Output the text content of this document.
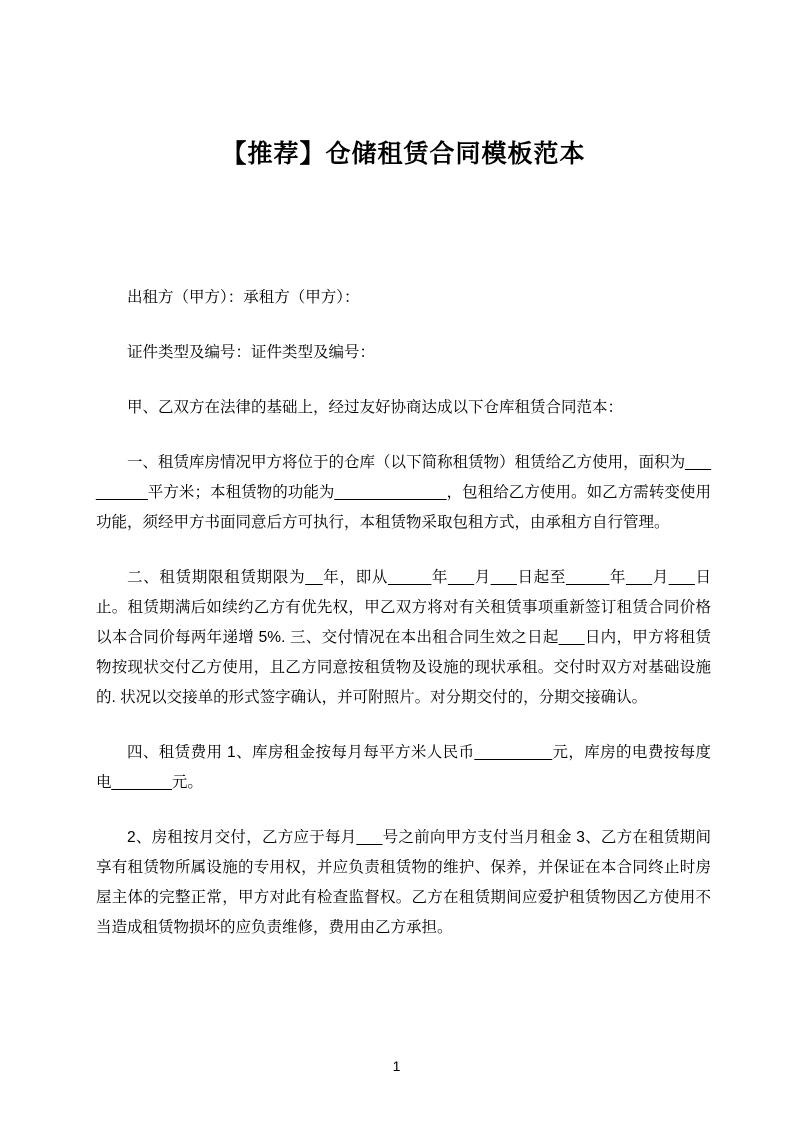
【推荐】仓储租赁合同模板范本

出租方（甲方）：承租方（甲方）：

证件类型及编号：证件类型及编号：

甲、乙双方在法律的基础上，经过友好协商达成以下仓库租赁合同范本：

一、租赁库房情况甲方将位于的仓库（以下简称租赁物）租赁给乙方使用，面积为_________平方米；本租赁物的功能为_____________，包租给乙方使用。如乙方需转变使用功能，须经甲方书面同意后方可执行，本租赁物采取包租方式，由承租方自行管理。

二、租赁期限租赁期限为__年，即从_____年___月___日起至_____年___月___日止。租赁期满后如续约乙方有优先权，甲乙双方将对有关租赁事项重新签订租赁合同价格以本合同价每两年递增 5%. 三、交付情况在本出租合同生效之日起___日内，甲方将租赁物按现状交付乙方使用，且乙方同意按租赁物及设施的现状承租。交付时双方对基础设施的. 状况以交接单的形式签字确认，并可附照片。对分期交付的，分期交接确认。

四、租赁费用 1、库房租金按每月每平方米人民币_________元，库房的电费按每度电_______元。

2、房租按月交付，乙方应于每月___号之前向甲方支付当月租金 3、乙方在租赁期间享有租赁物所属设施的专用权，并应负责租赁物的维护、保养，并保证在本合同终止时房屋主体的完整正常，甲方对此有检查监督权。乙方在租赁期间应爱护租赁物因乙方使用不当造成租赁物损坏的应负责维修，费用由乙方承担。

1
